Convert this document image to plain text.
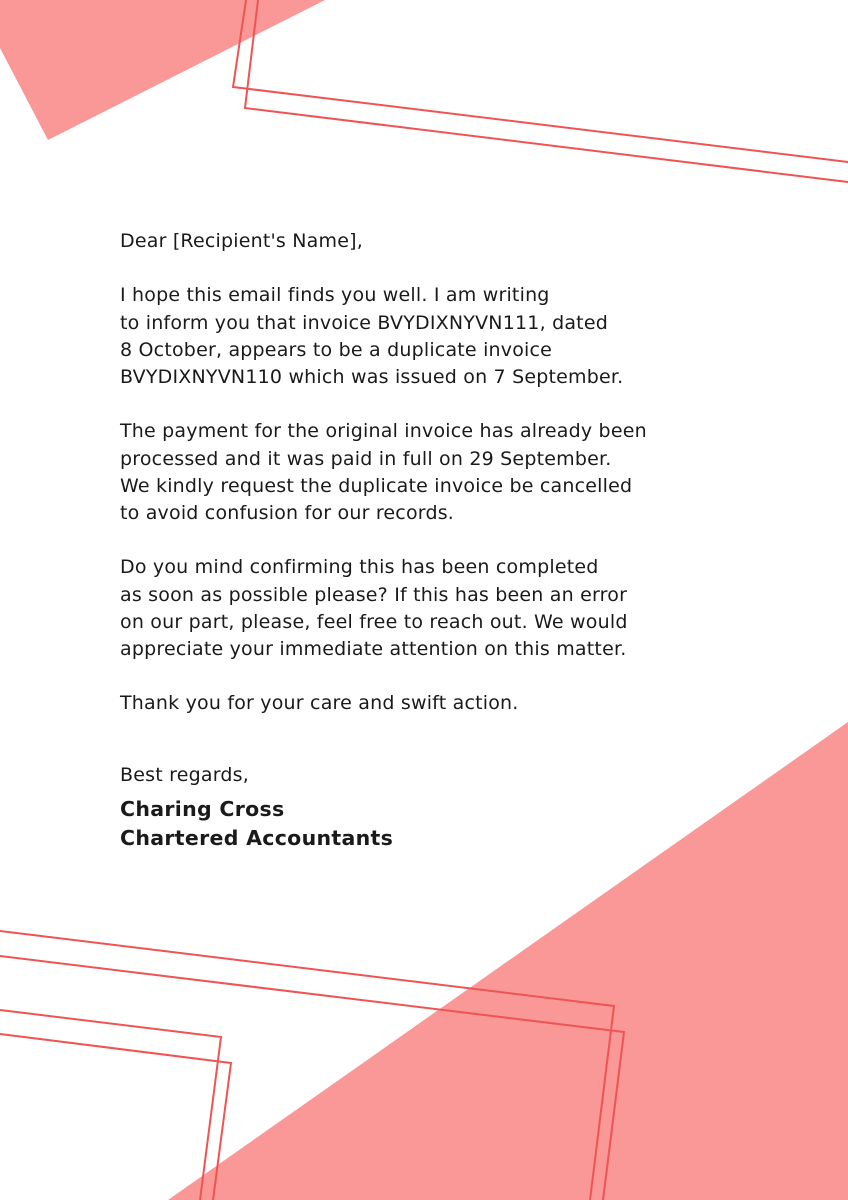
Dear [Recipient's Name],

I hope this email finds you well. I am writing
to inform you that invoice BVYDIXNYVN111, dated
8 October, appears to be a duplicate invoice
BVYDIXNYVN110 which was issued on 7 September.

The payment for the original invoice has already been
processed and it was paid in full on 29 September.
We kindly request the duplicate invoice be cancelled
to avoid confusion for our records.

Do you mind confirming this has been completed
as soon as possible please? If this has been an error
on our part, please, feel free to reach out. We would
appreciate your immediate attention on this matter.

Thank you for your care and swift action.

Best regards,

Charing Cross
Chartered Accountants
